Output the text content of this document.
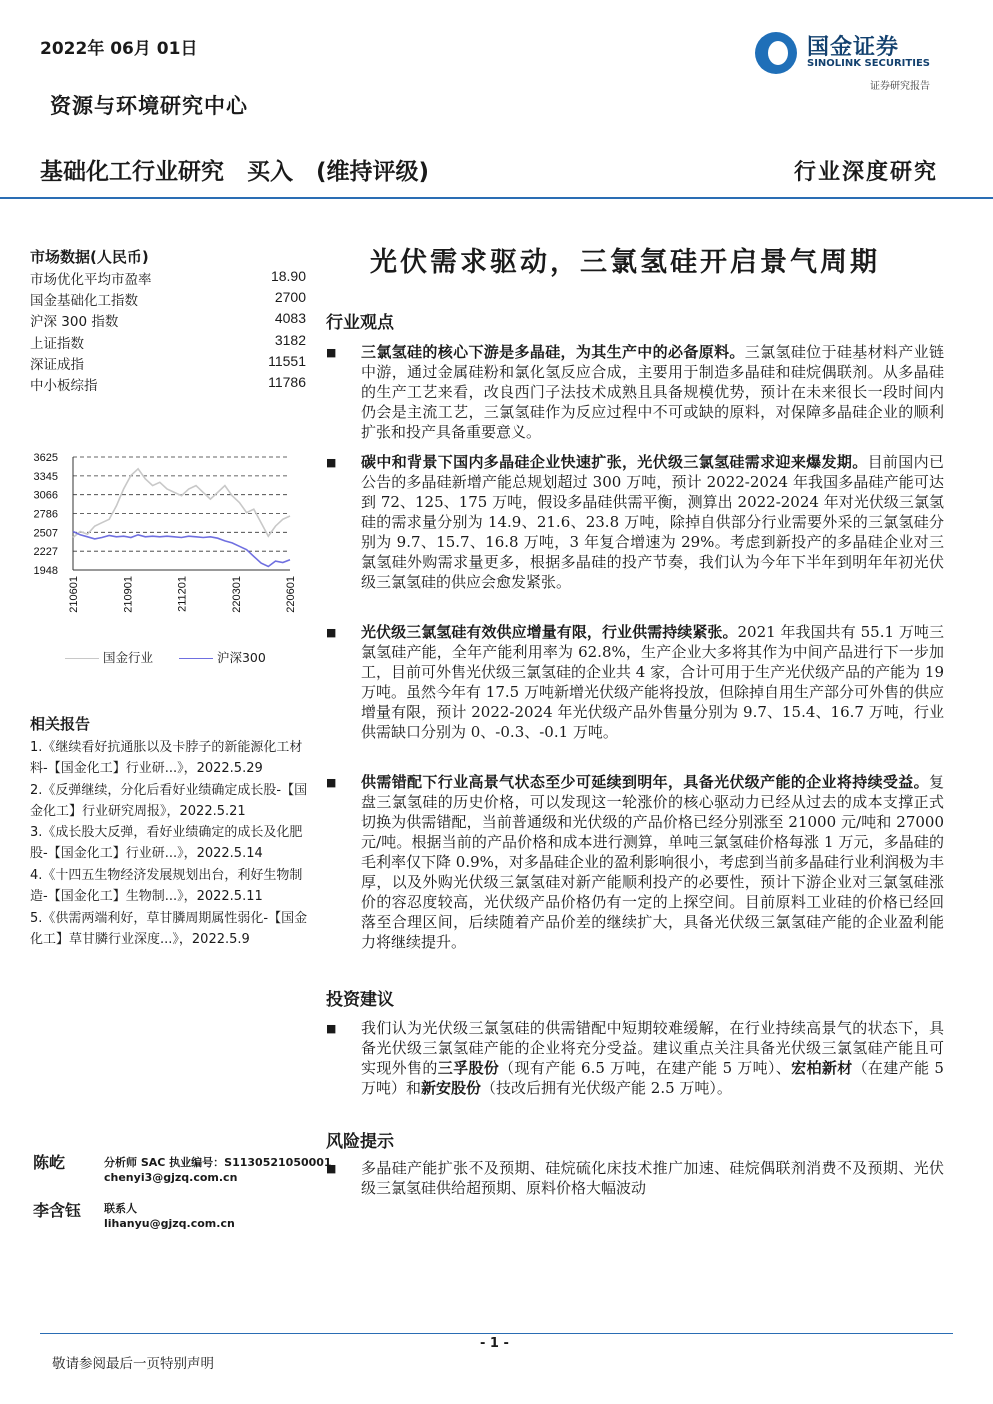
2022年 06月 01日	国金证券
SINOLINK SECURITIES
证券研究报告
资源与环境研究中心
基础化工行业研究　买入　(维持评级)	行业深度研究
光伏需求驱动，三氯氢硅开启景气周期
市场数据(人民币)
市场优化平均市盈率	18.90
国金基础化工指数	2700
沪深 300 指数	4083
上证指数	3182
深证成指	11551
中小板综指	11786
3625
3345
3066
2786
2507
2227
1948
210601	210901	211201	220301	220601
国金行业	沪深300
相关报告
1.《继续看好抗通胀以及卡脖子的新能源化工材料-【国金化工】行业研...》，2022.5.29
2.《反弹继续，分化后看好业绩确定成长股-【国金化工】行业研究周报》，2022.5.21
3.《成长股大反弹，看好业绩确定的成长及化肥股-【国金化工】行业研...》，2022.5.14
4.《十四五生物经济发展规划出台，利好生物制造-【国金化工】生物制...》，2022.5.11
5.《供需两端利好，草甘膦周期属性弱化-【国金化工】草甘膦行业深度...》，2022.5.9
陈屹	分析师 SAC 执业编号：S1130521050001
chenyi3@gjzq.com.cn
李含钰 联系人
lihanyu@gjzq.com.cn
行业观点
■ 三氯氢硅的核心下游是多晶硅，为其生产中的必备原料。三氯氢硅位于硅基材料产业链中游，通过金属硅粉和氯化氢反应合成，主要用于制造多晶硅和硅烷偶联剂。从多晶硅的生产工艺来看，改良西门子法技术成熟且具备规模优势，预计在未来很长一段时间内仍会是主流工艺，三氯氢硅作为反应过程中不可或缺的原料，对保障多晶硅企业的顺利扩张和投产具备重要意义。
■ 碳中和背景下国内多晶硅企业快速扩张，光伏级三氯氢硅需求迎来爆发期。目前国内已公告的多晶硅新增产能总规划超过 300 万吨，预计 2022-2024 年我国多晶硅产能可达到 72、125、175 万吨，假设多晶硅供需平衡，测算出 2022-2024 年对光伏级三氯氢硅的需求量分别为 14.9、21.6、23.8 万吨，除掉自供部分行业需要外采的三氯氢硅分别为 9.7、15.7、16.8 万吨，3 年复合增速为 29%。考虑到新投产的多晶硅企业对三氯氢硅外购需求量更多，根据多晶硅的投产节奏，我们认为今年下半年到明年年初光伏级三氯氢硅的供应会愈发紧张。
■ 光伏级三氯氢硅有效供应增量有限，行业供需持续紧张。2021 年我国共有 55.1 万吨三氯氢硅产能，全年产能利用率为 62.8%，生产企业大多将其作为中间产品进行下一步加工，目前可外售光伏级三氯氢硅的企业共 4 家，合计可用于生产光伏级产品的产能为 19 万吨。虽然今年有 17.5 万吨新增光伏级产能将投放，但除掉自用生产部分可外售的供应增量有限，预计 2022-2024 年光伏级产品外售量分别为 9.7、15.4、16.7 万吨，行业供需缺口分别为 0、-0.3、-0.1 万吨。
■ 供需错配下行业高景气状态至少可延续到明年，具备光伏级产能的企业将持续受益。复盘三氯氢硅的历史价格，可以发现这一轮涨价的核心驱动力已经从过去的成本支撑正式切换为供需错配，当前普通级和光伏级的产品价格已经分别涨至 21000 元/吨和 27000 元/吨。根据当前的产品价格和成本进行测算，单吨三氯氢硅价格每涨 1 万元，多晶硅的毛利率仅下降 0.9%，对多晶硅企业的盈利影响很小，考虑到当前多晶硅行业利润极为丰厚，以及外购光伏级三氯氢硅对新产能顺利投产的必要性，预计下游企业对三氯氢硅涨价的容忍度较高，光伏级产品价格仍有一定的上探空间。目前原料工业硅的价格已经回落至合理区间，后续随着产品价差的继续扩大，具备光伏级三氯氢硅产能的企业盈利能力将继续提升。
投资建议
■ 我们认为光伏级三氯氢硅的供需错配中短期较难缓解，在行业持续高景气的状态下，具备光伏级三氯氢硅产能的企业将充分受益。建议重点关注具备光伏级三氯氢硅产能且可实现外售的三孚股份（现有产能 6.5 万吨，在建产能 5 万吨）、宏柏新材（在建产能 5 万吨）和新安股份（技改后拥有光伏级产能 2.5 万吨）。
风险提示
■ 多晶硅产能扩张不及预期、硅烷硫化床技术推广加速、硅烷偶联剂消费不及预期、光伏级三氯氢硅供给超预期、原料价格大幅波动
- 1 -
敬请参阅最后一页特别声明
